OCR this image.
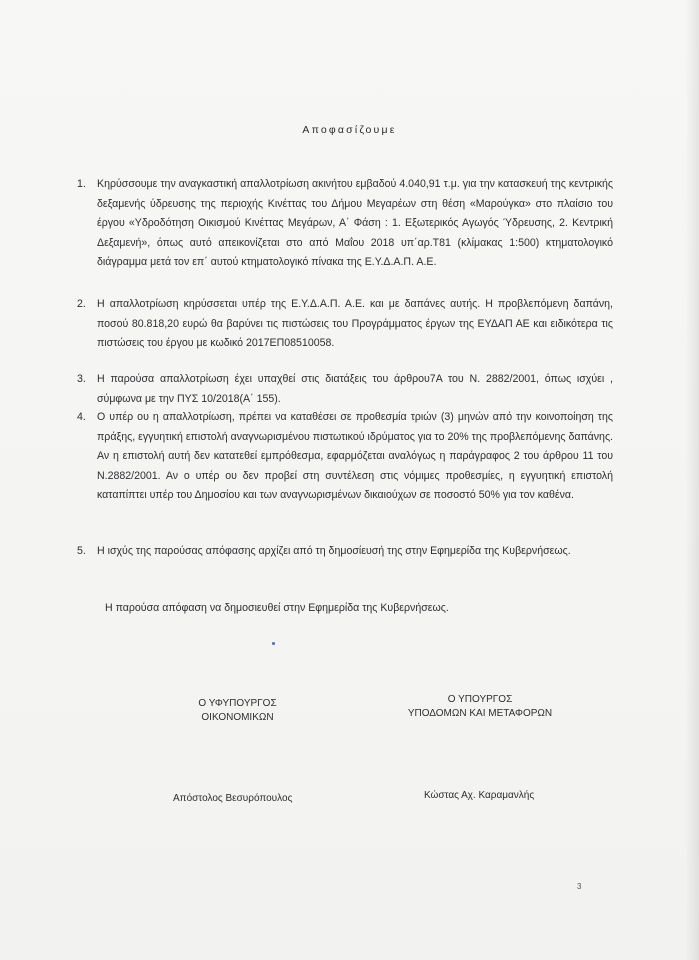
Αποφασίζουμε
1.	Κηρύσσουμε την αναγκαστική απαλλοτρίωση ακινήτου εμβαδού 4.040,91 τ.μ. για την κατασκευή της κεντρικής δεξαμενής ύδρευσης της περιοχής Κινέττας του Δήμου Μεγαρέων στη θέση «Μαρούγκα» στο πλαίσιο του έργου «Υδροδότηση Οικισμού Κινέττας Μεγάρων, Α΄ Φάση : 1. Εξωτερικός Αγωγός Ύδρευσης, 2. Κεντρική Δεξαμενή», όπως αυτό απεικονίζεται στο από Μαΐου 2018 υπ΄αρ.Τ81 (κλίμακας 1:500) κτηματολογικό διάγραμμα μετά τον επ΄ αυτού κτηματολογικό πίνακα της Ε.Υ.Δ.Α.Π. Α.Ε.

2.	Η απαλλοτρίωση κηρύσσεται υπέρ της Ε.Υ.Δ.Α.Π. Α.Ε. και με δαπάνες αυτής. Η προβλεπόμενη δαπάνη, ποσού 80.818,20 ευρώ θα βαρύνει τις πιστώσεις του Προγράμματος έργων της ΕΥΔΑΠ ΑΕ και ειδικότερα τις πιστώσεις του έργου με κωδικό 2017ΕΠ08510058.

3.	Η παρούσα απαλλοτρίωση έχει υπαχθεί στις διατάξεις του άρθρου7Α του Ν. 2882/2001, όπως ισχύει , σύμφωνα με την ΠΥΣ 10/2018(Α΄ 155).

4.	Ο υπέρ ου η απαλλοτρίωση, πρέπει να καταθέσει σε προθεσμία τριών (3) μηνών από την κοινοποίηση της πράξης, εγγυητική επιστολή αναγνωρισμένου πιστωτικού ιδρύματος για το 20% της προβλεπόμενης δαπάνης. Αν η επιστολή αυτή δεν κατατεθεί εμπρόθεσμα, εφαρμόζεται αναλόγως η παράγραφος 2 του άρθρου 11 του Ν.2882/2001. Αν ο υπέρ ου δεν προβεί στη συντέλεση στις νόμιμες προθεσμίες, η εγγυητική επιστολή καταπίπτει υπέρ του Δημοσίου και των αναγνωρισμένων δικαιούχων σε ποσοστό 50% για τον καθένα.

5.	Η ισχύς της παρούσας απόφασης αρχίζει από τη δημοσίευσή της στην Εφημερίδα της Κυβερνήσεως.

Η παρούσα απόφαση να δημοσιευθεί στην Εφημερίδα της Κυβερνήσεως.
Ο ΥΦΥΠΟΥΡΓΟΣ
ΟΙΚΟΝΟΜΙΚΩΝ
Ο ΥΠΟΥΡΓΟΣ
ΥΠΟΔΟΜΩΝ ΚΑΙ ΜΕΤΑΦΟΡΩΝ
Απόστολος Βεσυρόπουλος	Κώστας Αχ. Καραμανλής
3
